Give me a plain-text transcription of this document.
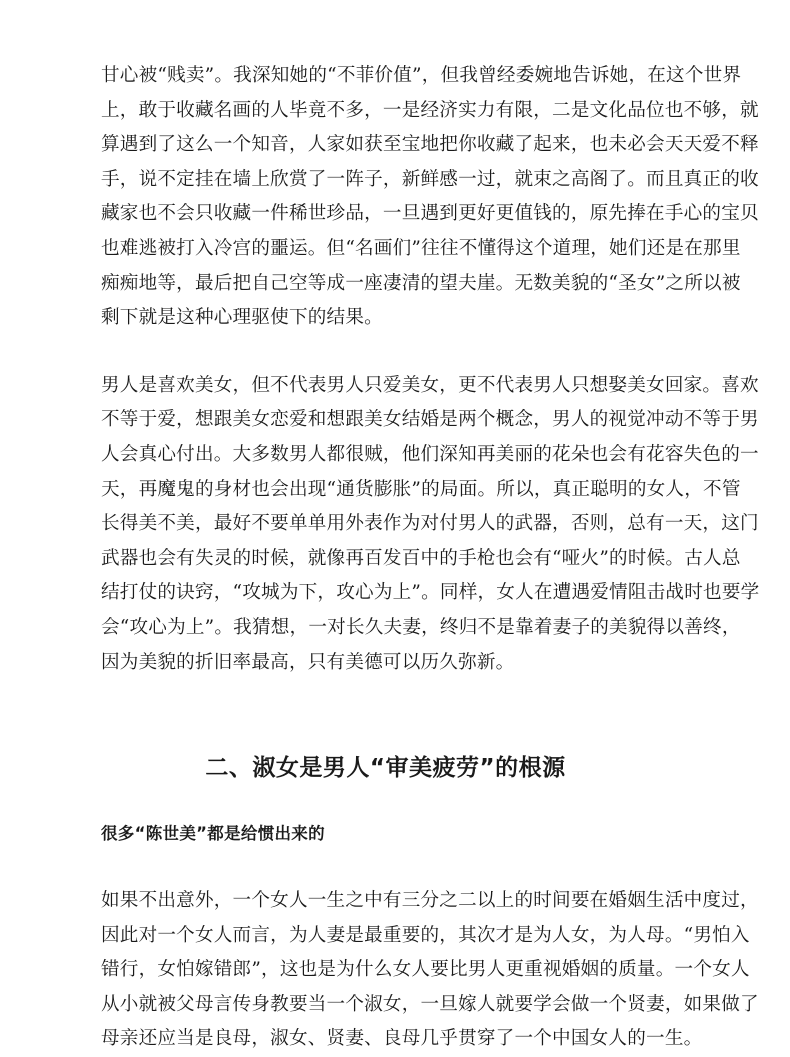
甘心被“贱卖”。我深知她的“不菲价值”，但我曾经委婉地告诉她，在这个世界
上，敢于收藏名画的人毕竟不多，一是经济实力有限，二是文化品位也不够，就
算遇到了这么一个知音，人家如获至宝地把你收藏了起来，也未必会天天爱不释
手，说不定挂在墙上欣赏了一阵子，新鲜感一过，就束之高阁了。而且真正的收
藏家也不会只收藏一件稀世珍品，一旦遇到更好更值钱的，原先捧在手心的宝贝
也难逃被打入冷宫的噩运。但“名画们”往往不懂得这个道理，她们还是在那里
痴痴地等，最后把自己空等成一座凄清的望夫崖。无数美貌的“圣女”之所以被
剩下就是这种心理驱使下的结果。

男人是喜欢美女，但不代表男人只爱美女，更不代表男人只想娶美女回家。喜欢
不等于爱，想跟美女恋爱和想跟美女结婚是两个概念，男人的视觉冲动不等于男
人会真心付出。大多数男人都很贼，他们深知再美丽的花朵也会有花容失色的一
天，再魔鬼的身材也会出现“通货膨胀”的局面。所以，真正聪明的女人，不管
长得美不美，最好不要单单用外表作为对付男人的武器，否则，总有一天，这门
武器也会有失灵的时候，就像再百发百中的手枪也会有“哑火”的时候。古人总
结打仗的诀窍，“攻城为下，攻心为上”。同样，女人在遭遇爱情阻击战时也要学
会“攻心为上”。我猜想，一对长久夫妻，终归不是靠着妻子的美貌得以善终，
因为美貌的折旧率最高，只有美德可以历久弥新。

二、淑女是男人“审美疲劳”的根源
很多“陈世美”都是给惯出来的

如果不出意外，一个女人一生之中有三分之二以上的时间要在婚姻生活中度过，
因此对一个女人而言，为人妻是最重要的，其次才是为人女，为人母。“男怕入
错行，女怕嫁错郎”，这也是为什么女人要比男人更重视婚姻的质量。一个女人
从小就被父母言传身教要当一个淑女，一旦嫁人就要学会做一个贤妻，如果做了
母亲还应当是良母，淑女、贤妻、良母几乎贯穿了一个中国女人的一生。
